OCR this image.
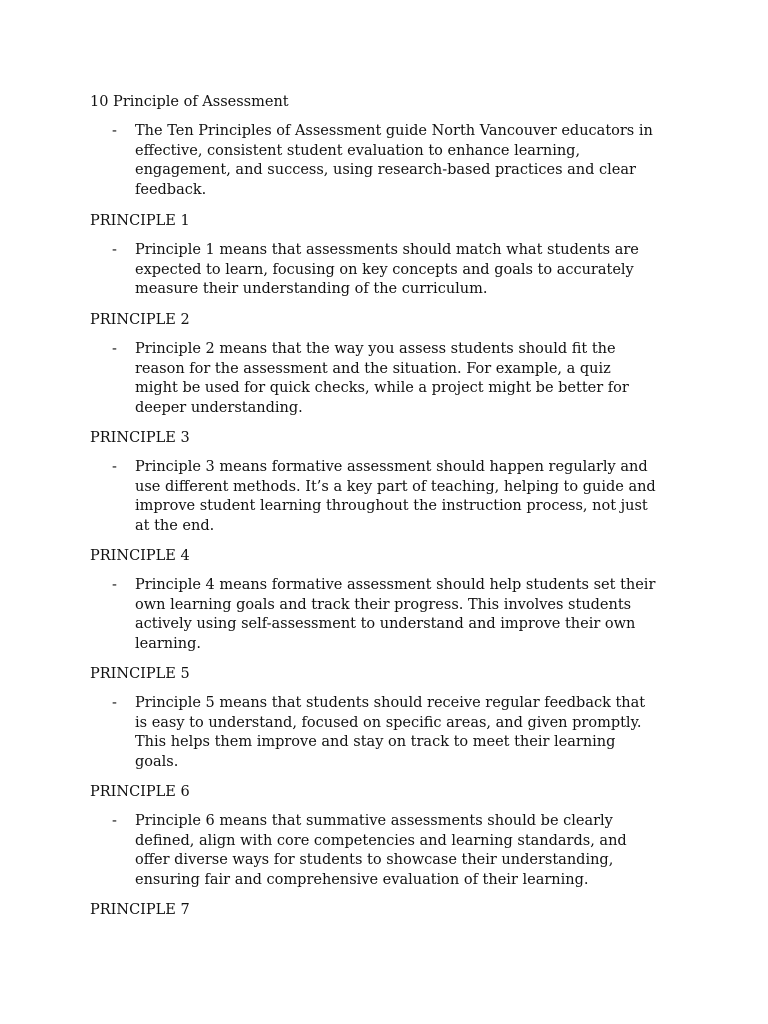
10 Principle of Assessment
- The Ten Principles of Assessment guide North Vancouver educators in
effective, consistent student evaluation to enhance learning,
engagement, and success, using research-based practices and clear
feedback.
PRINCIPLE 1
- Principle 1 means that assessments should match what students are
expected to learn, focusing on key concepts and goals to accurately
measure their understanding of the curriculum.
PRINCIPLE 2
- Principle 2 means that the way you assess students should fit the
reason for the assessment and the situation. For example, a quiz
might be used for quick checks, while a project might be better for
deeper understanding.
PRINCIPLE 3
- Principle 3 means formative assessment should happen regularly and
use different methods. It’s a key part of teaching, helping to guide and
improve student learning throughout the instruction process, not just
at the end.
PRINCIPLE 4
- Principle 4 means formative assessment should help students set their
own learning goals and track their progress. This involves students
actively using self-assessment to understand and improve their own
learning.
PRINCIPLE 5
- Principle 5 means that students should receive regular feedback that
is easy to understand, focused on specific areas, and given promptly.
This helps them improve and stay on track to meet their learning
goals.
PRINCIPLE 6
- Principle 6 means that summative assessments should be clearly
defined, align with core competencies and learning standards, and
offer diverse ways for students to showcase their understanding,
ensuring fair and comprehensive evaluation of their learning.
PRINCIPLE 7
